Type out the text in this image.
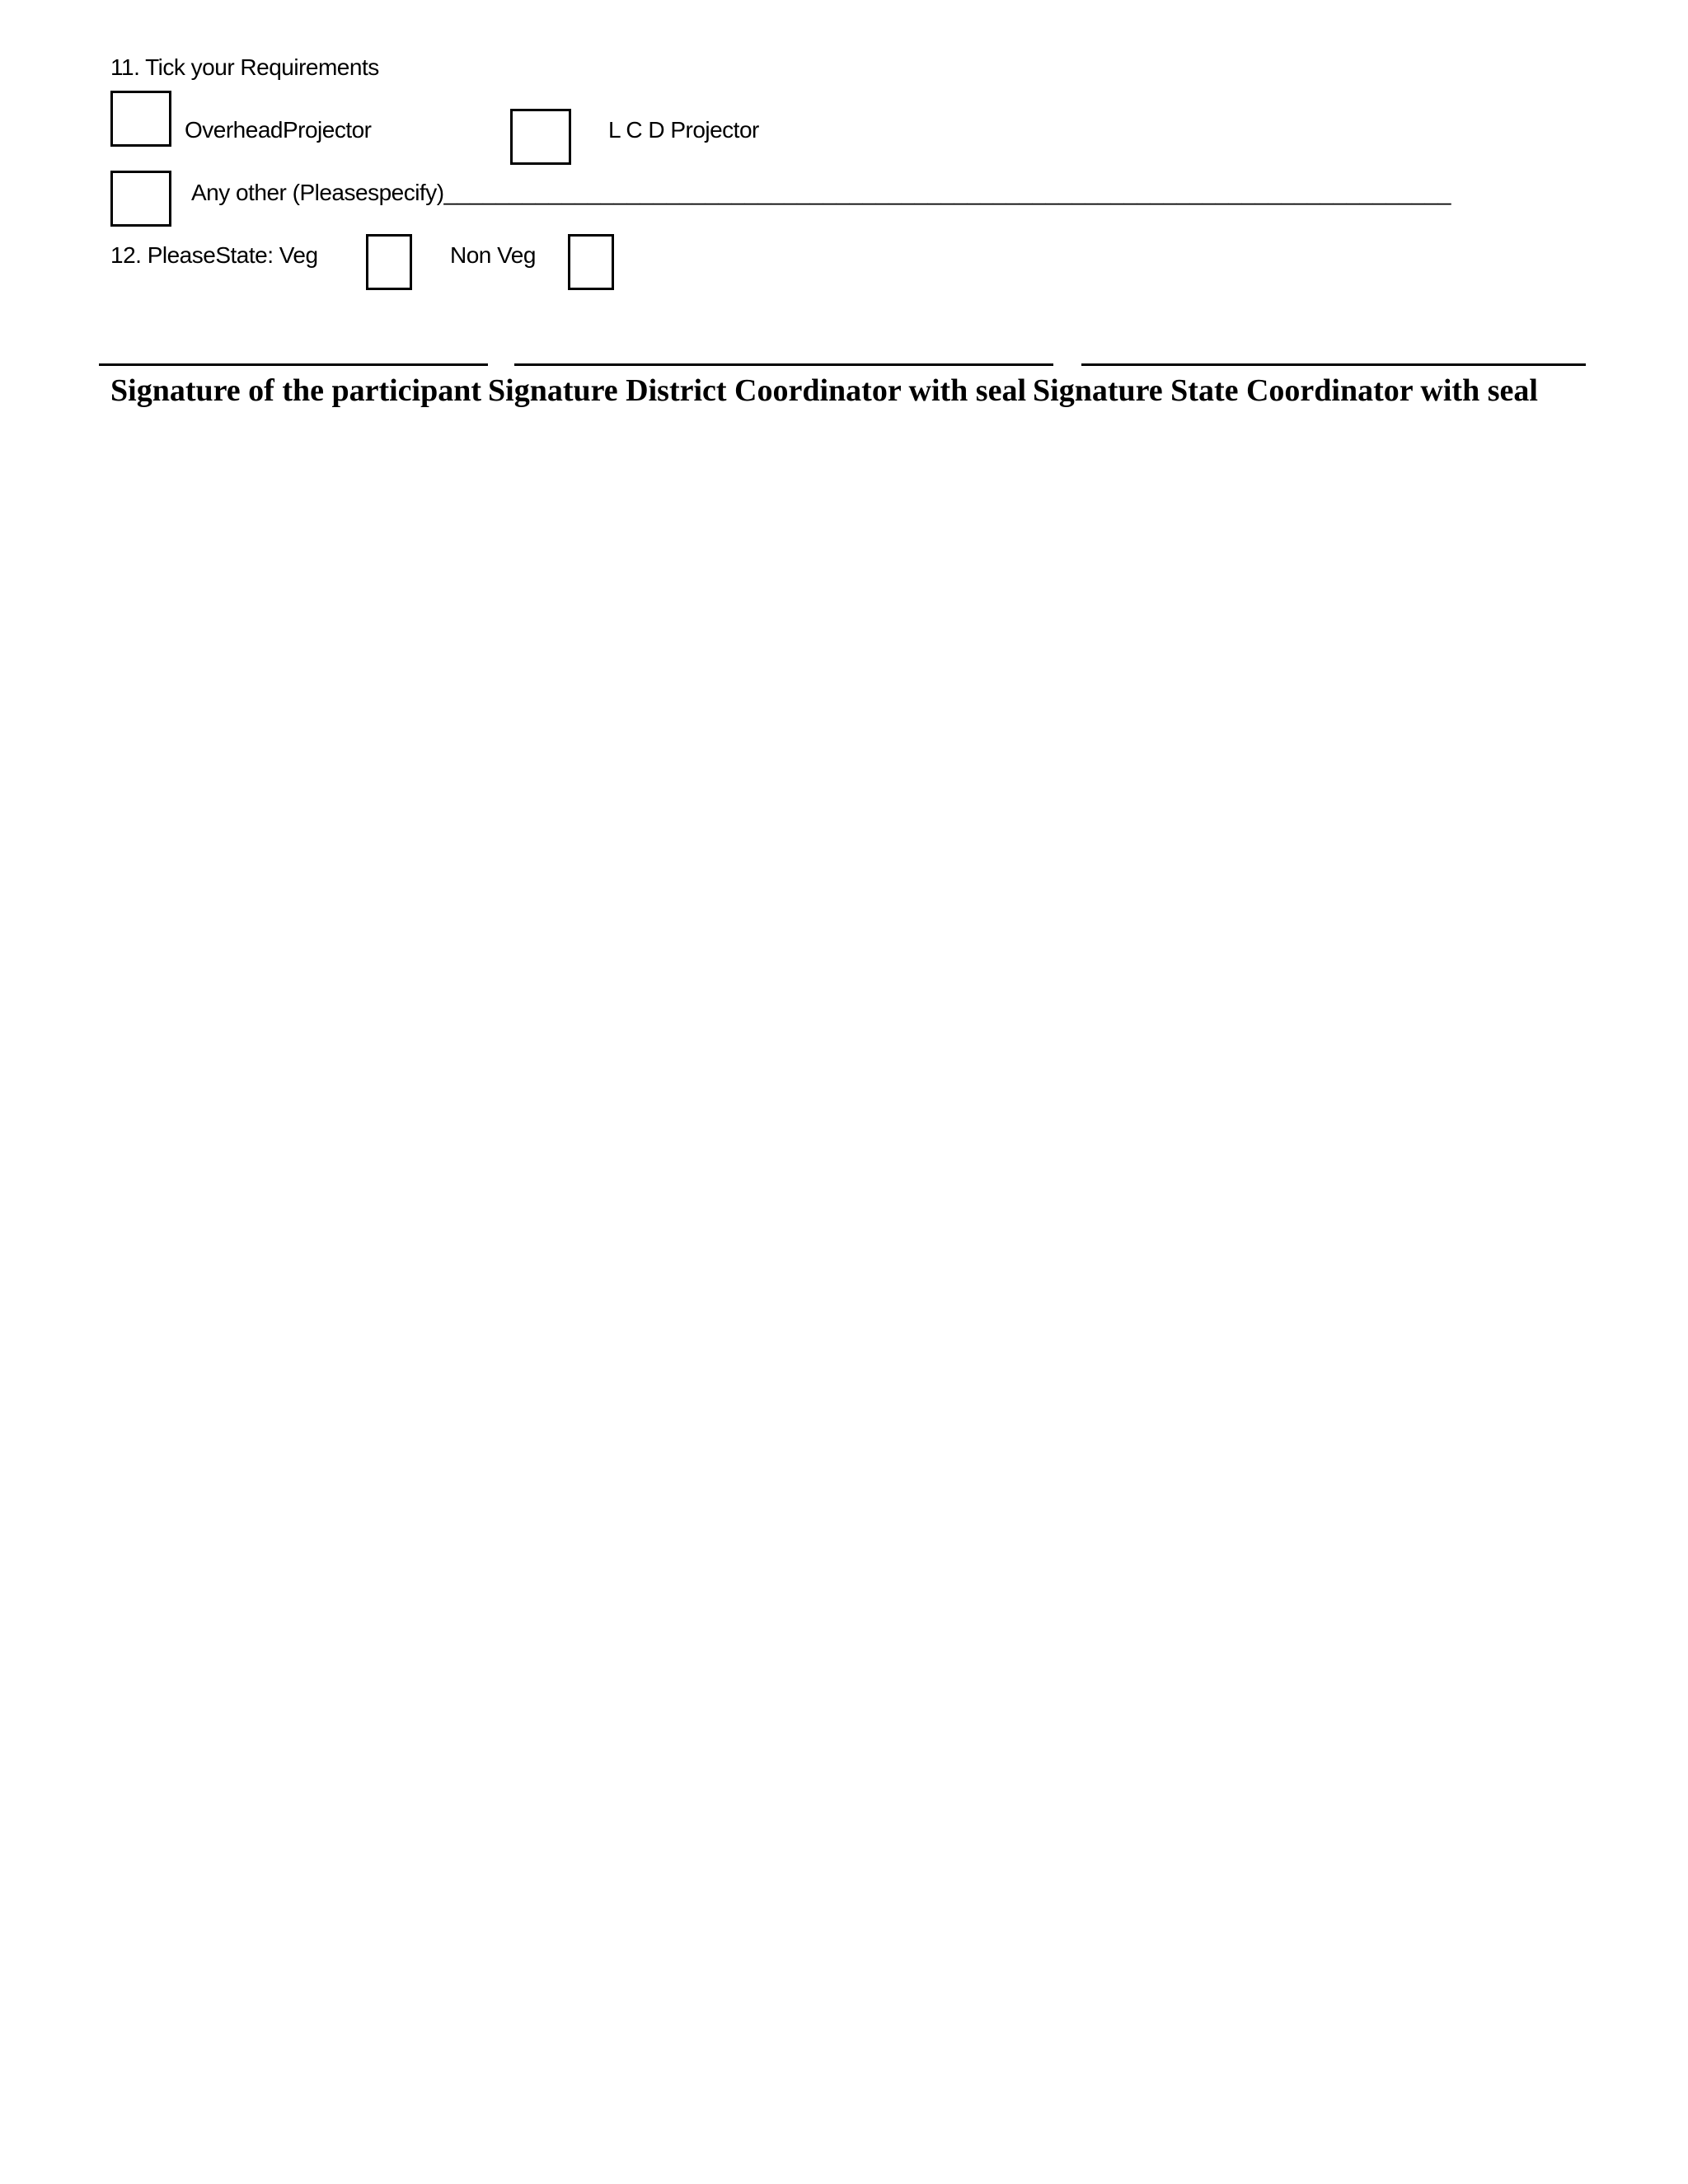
11. Tick your Requirements
OverheadProjector	L C D Projector
Any other (Pleasespecify)_____________________________________________________________________________
12. PleaseState: Veg	Non Veg
Signature of the participant Signature District Coordinator with seal Signature State Coordinator with seal
